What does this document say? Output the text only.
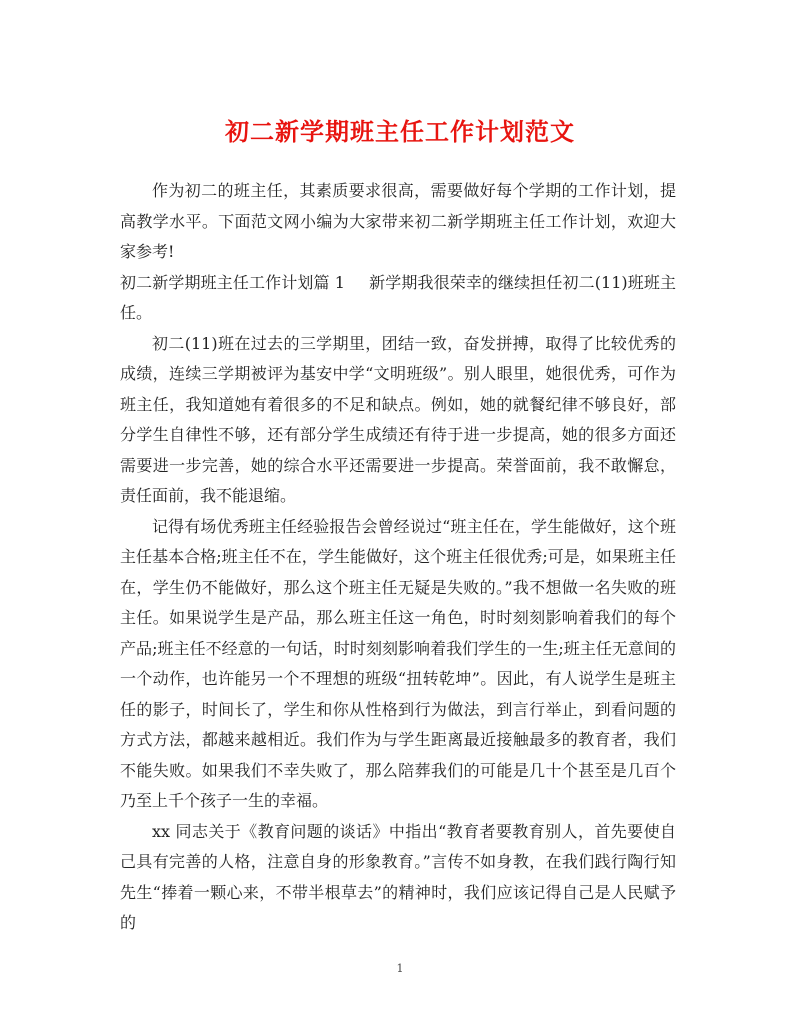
初二新学期班主任工作计划范文

作为初二的班主任，其素质要求很高，需要做好每个学期的工作计划，提高教学水平。下面范文网小编为大家带来初二新学期班主任工作计划，欢迎大家参考!

初二新学期班主任工作计划篇 1 新学期我很荣幸的继续担任初二(11)班班主任。

初二(11)班在过去的三学期里，团结一致，奋发拼搏，取得了比较优秀的成绩，连续三学期被评为基安中学“文明班级”。别人眼里，她很优秀，可作为班主任，我知道她有着很多的不足和缺点。例如，她的就餐纪律不够良好，部分学生自律性不够，还有部分学生成绩还有待于进一步提高，她的很多方面还需要进一步完善，她的综合水平还需要进一步提高。荣誉面前，我不敢懈怠，责任面前，我不能退缩。

记得有场优秀班主任经验报告会曾经说过“班主任在，学生能做好，这个班主任基本合格;班主任不在，学生能做好，这个班主任很优秀;可是，如果班主任在，学生仍不能做好，那么这个班主任无疑是失败的。”我不想做一名失败的班主任。如果说学生是产品，那么班主任这一角色，时时刻刻影响着我们的每个产品;班主任不经意的一句话，时时刻刻影响着我们学生的一生;班主任无意间的一个动作，也许能另一个不理想的班级“扭转乾坤”。因此，有人说学生是班主任的影子，时间长了，学生和你从性格到行为做法，到言行举止，到看问题的方式方法，都越来越相近。我们作为与学生距离最近接触最多的教育者，我们不能失败。如果我们不幸失败了，那么陪葬我们的可能是几十个甚至是几百个乃至上千个孩子一生的幸福。

xx 同志关于《教育问题的谈话》中指出“教育者要教育别人，首先要使自己具有完善的人格，注意自身的形象教育。”言传不如身教，在我们践行陶行知先生“捧着一颗心来，不带半根草去”的精神时，我们应该记得自己是人民赋予的

1
